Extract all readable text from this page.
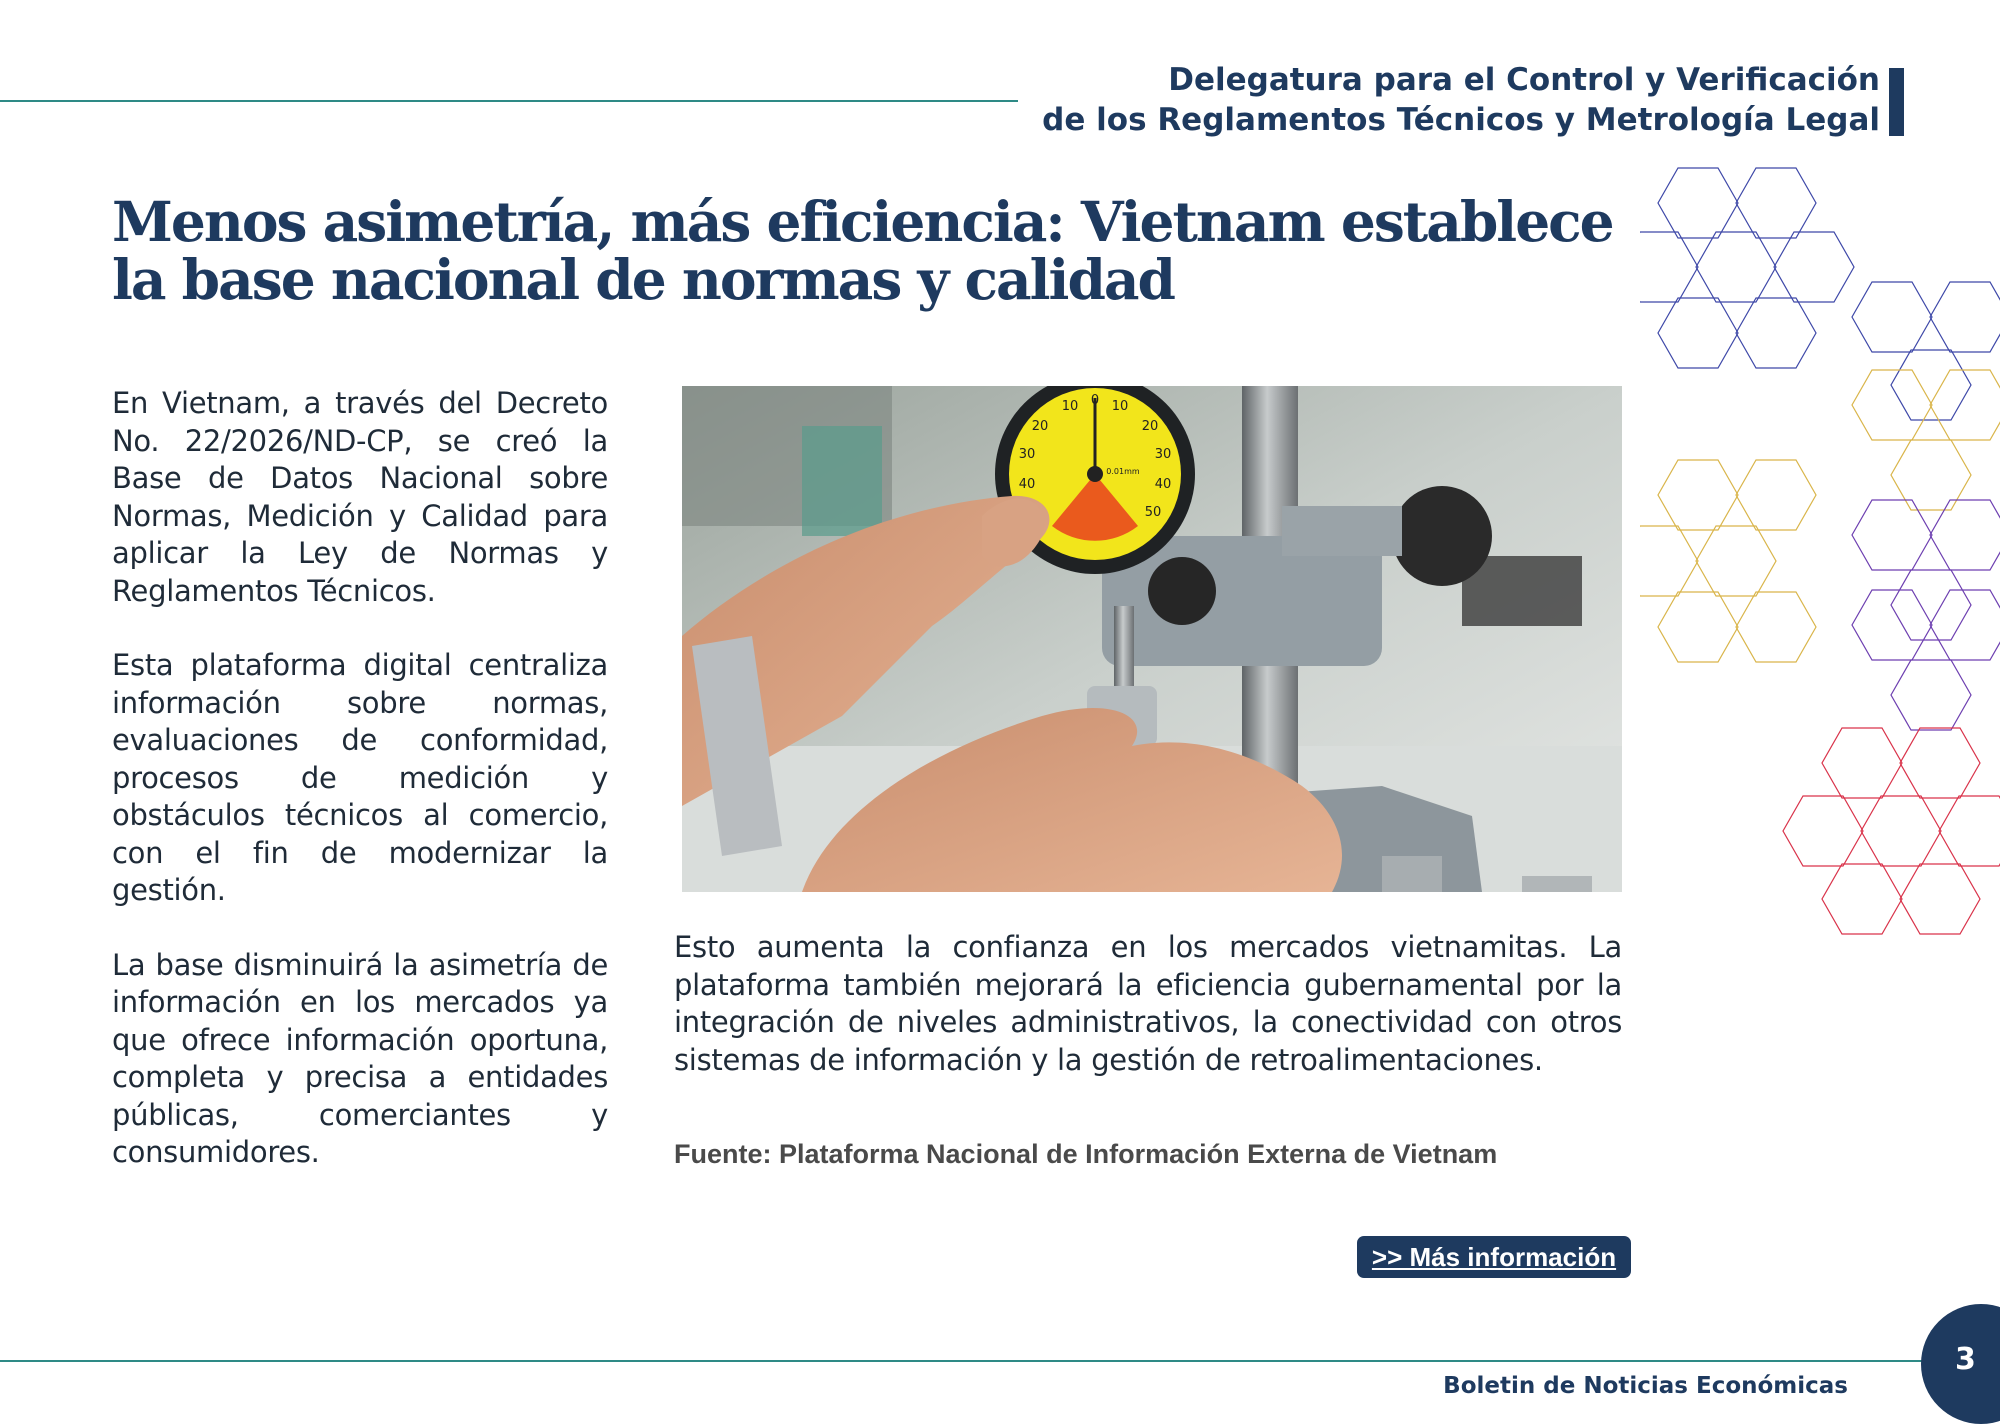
Delegatura para el Control y Verificación
de los Reglamentos Técnicos y Metrología Legal
Menos asimetría, más eficiencia: Vietnam establece la base nacional de normas y calidad

En Vietnam, a través del Decreto No. 22/2026/ND-CP, se creó la Base de Datos Nacional sobre Normas, Medición y Calidad para aplicar la Ley de Normas y Reglamentos Técnicos.

Esta plataforma digital centraliza información sobre normas, evaluaciones de conformidad, procesos de medición y obstáculos técnicos al comercio, con el fin de modernizar la gestión.

La base disminuirá la asimetría de información en los mercados ya que ofrece información oportuna, completa y precisa a entidades públicas, comerciantes y consumidores.

10 0 10
20
30
40
20
30
40
50
0.01mm

Esto aumenta la confianza en los mercados vietnamitas. La plataforma también mejorará la eficiencia gubernamental por la integración de niveles administrativos, la conectividad con otros sistemas de información y la gestión de retroalimentaciones.

Fuente: Plataforma Nacional de Información Externa de Vietnam

>> Más información
Boletin de Noticias Económicas
3
